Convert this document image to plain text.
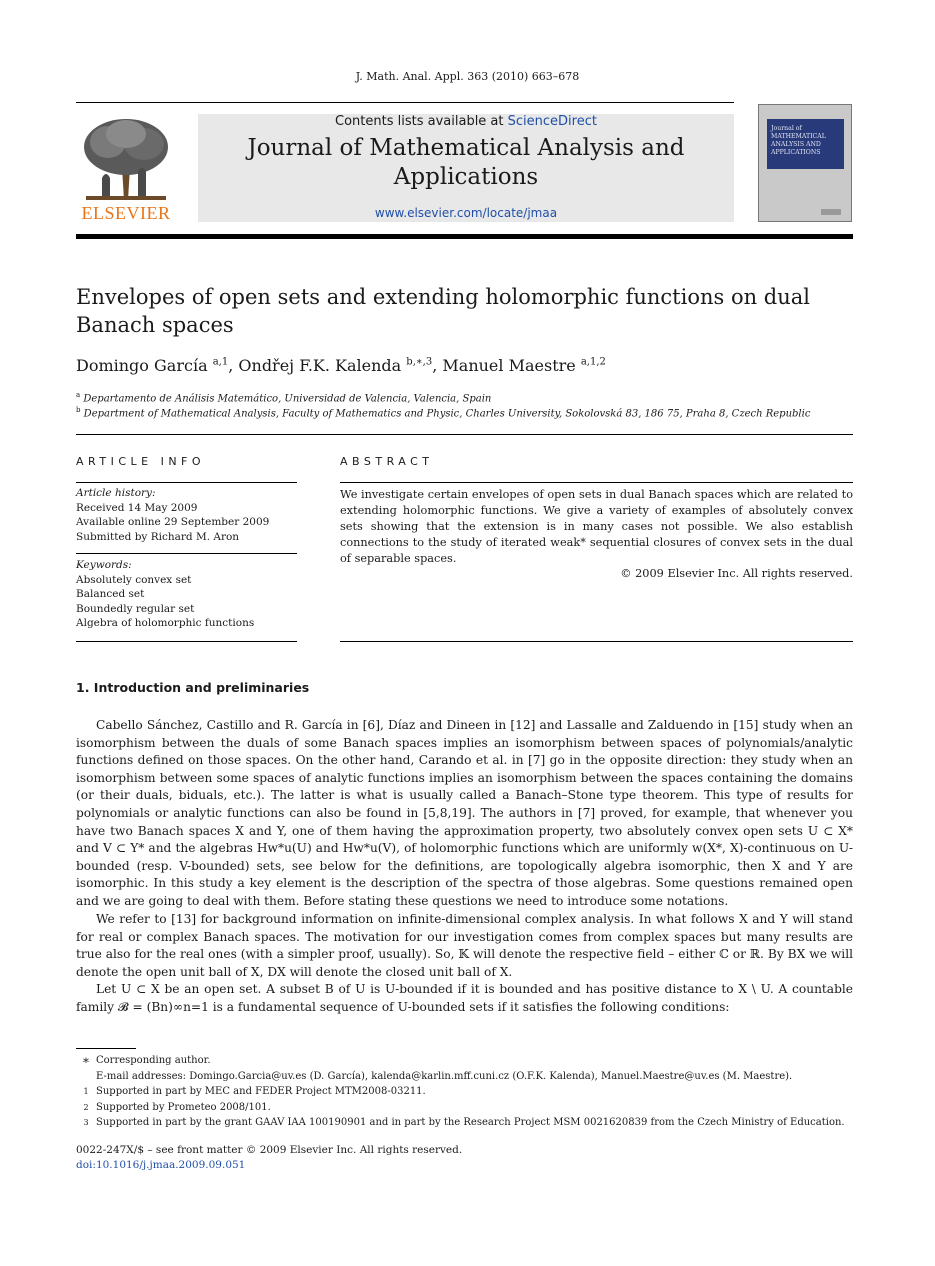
J. Math. Anal. Appl. 363 (2010) 663–678
ELSEVIER
Contents lists available at ScienceDirect
Journal of Mathematical Analysis and Applications
www.elsevier.com/locate/jmaa
Journal of MATHEMATICAL ANALYSIS AND APPLICATIONS
Envelopes of open sets and extending holomorphic functions on dual Banach spaces
Domingo García $^{a,1}$, Ondřej F.K. Kalenda $^{b,∗,3}$, Manuel Maestre $^{a,1,2}$
$^a$ Departamento de Análisis Matemático, Universidad de Valencia, Valencia, Spain
$^b$ Department of Mathematical Analysis, Faculty of Mathematics and Physic, Charles University, Sokolovská 83, 186 75, Praha 8, Czech Republic
ARTICLE INFO
Article history:
Received 14 May 2009
Available online 29 September 2009
Submitted by Richard M. Aron
Keywords:
Absolutely convex set
Balanced set
Boundedly regular set
Algebra of holomorphic functions
ABSTRACT
We investigate certain envelopes of open sets in dual Banach spaces which are related to extending holomorphic functions. We give a variety of examples of absolutely convex sets showing that the extension is in many cases not possible. We also establish connections to the study of iterated weak* sequential closures of convex sets in the dual of separable spaces.
© 2009 Elsevier Inc. All rights reserved.
1. Introduction and preliminaries
Cabello Sánchez, Castillo and R. García in [6], Díaz and Dineen in [12] and Lassalle and Zalduendo in [15] study when an isomorphism between the duals of some Banach spaces implies an isomorphism between spaces of polynomials/analytic functions defined on those spaces. On the other hand, Carando et al. in [7] go in the opposite direction: they study when an isomorphism between some spaces of analytic functions implies an isomorphism between the spaces containing the domains (or their duals, biduals, etc.). The latter is what is usually called a Banach–Stone type theorem. This type of results for polynomials or analytic functions can also be found in [5,8,19]. The authors in [7] proved, for example, that whenever you have two Banach spaces X and Y, one of them having the approximation property, two absolutely convex open sets U ⊂ X* and V ⊂ Y* and the algebras Hw*u(U) and Hw*u(V), of holomorphic functions which are uniformly w(X*, X)-continuous on U-bounded (resp. V-bounded) sets, see below for the definitions, are topologically algebra isomorphic, then X and Y are isomorphic. In this study a key element is the description of the spectra of those algebras. Some questions remained open and we are going to deal with them. Before stating these questions we need to introduce some notations.
We refer to [13] for background information on infinite-dimensional complex analysis. In what follows X and Y will stand for real or complex Banach spaces. The motivation for our investigation comes from complex spaces but many results are true also for the real ones (with a simpler proof, usually). So, 𝕂 will denote the respective field – either ℂ or ℝ. By BX we will denote the open unit ball of X, DX will denote the closed unit ball of X.
Let U ⊂ X be an open set. A subset B of U is U-bounded if it is bounded and has positive distance to X \ U. A countable family 𝓑 = (Bn)∞n=1 is a fundamental sequence of U-bounded sets if it satisfies the following conditions:
∗ Corresponding author.
E-mail addresses: Domingo.Garcia@uv.es (D. García), kalenda@karlin.mff.cuni.cz (O.F.K. Kalenda), Manuel.Maestre@uv.es (M. Maestre).
1 Supported in part by MEC and FEDER Project MTM2008-03211.
2 Supported by Prometeo 2008/101.
3 Supported in part by the grant GAAV IAA 100190901 and in part by the Research Project MSM 0021620839 from the Czech Ministry of Education.
0022-247X/$ – see front matter © 2009 Elsevier Inc. All rights reserved.
doi:10.1016/j.jmaa.2009.09.051
